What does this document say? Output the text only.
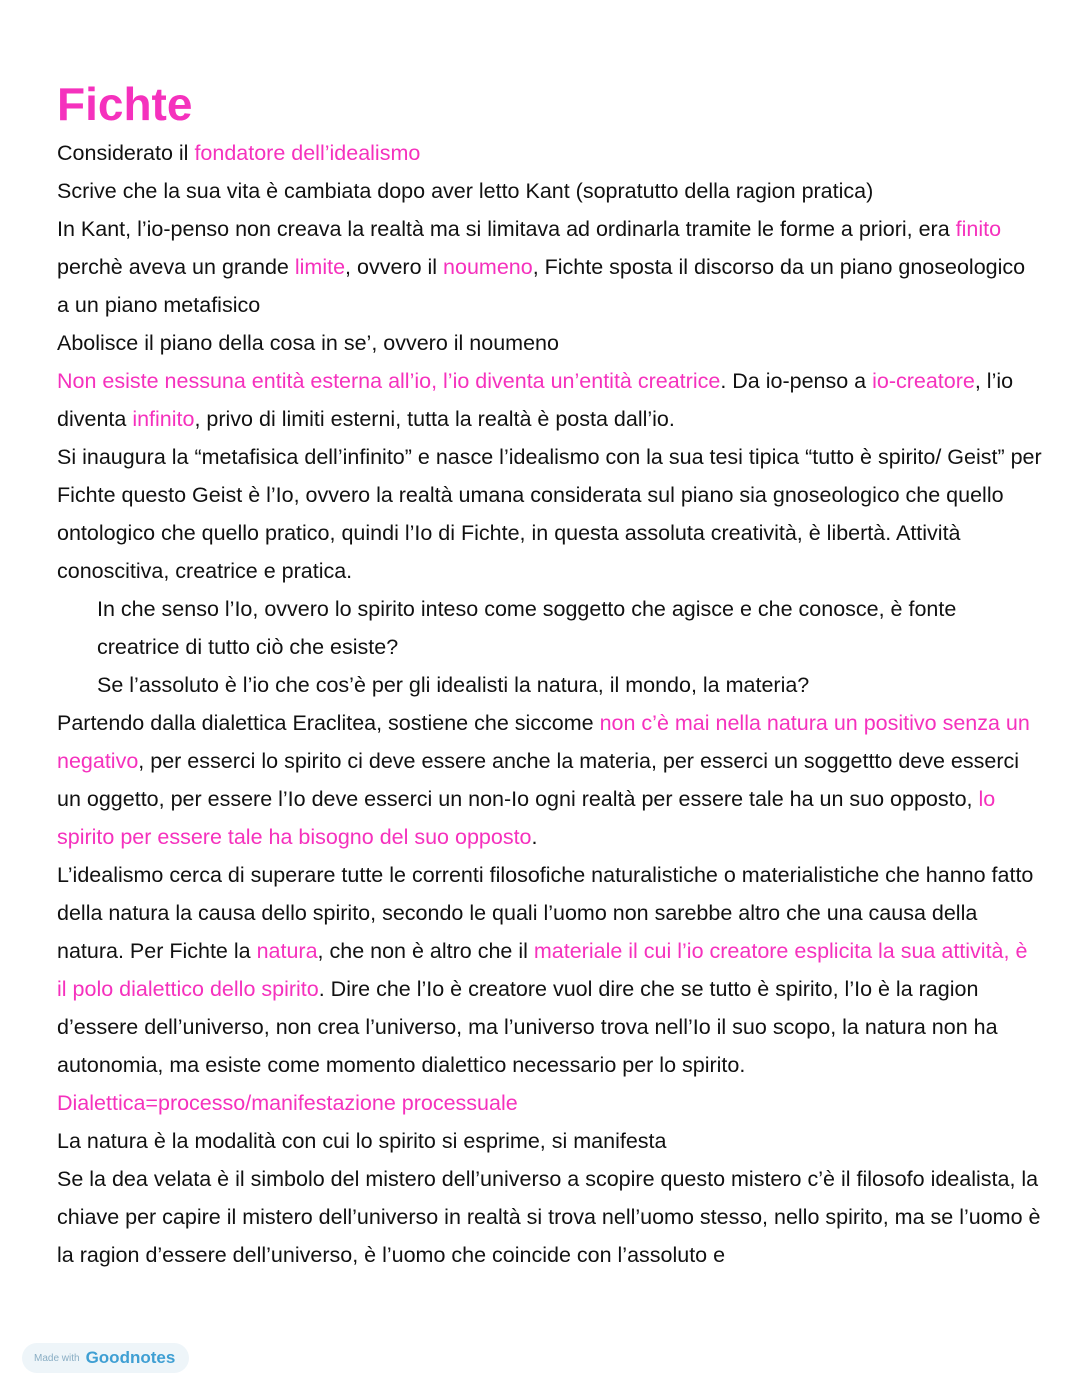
Fichte

Considerato il fondatore dell’idealismo

Scrive che la sua vita è cambiata dopo aver letto Kant (sopratutto della ragion pratica)

In Kant, l’io-penso non creava la realtà ma si limitava ad ordinarla tramite le forme a priori, era finito perchè aveva un grande limite, ovvero il noumeno, Fichte sposta il discorso da un piano gnoseologico a un piano metafisico

Abolisce il piano della cosa in se’, ovvero il noumeno

Non esiste nessuna entità esterna all’io, l’io diventa un’entità creatrice. Da io-penso a io-creatore, l’io diventa infinito, privo di limiti esterni, tutta la realtà è posta dall’io.

Si inaugura la “metafisica dell’infinito” e nasce l’idealismo con la sua tesi tipica “tutto è spirito/ Geist” per Fichte questo Geist è l’Io, ovvero la realtà umana considerata sul piano sia gnoseologico che quello ontologico che quello pratico, quindi l’Io di Fichte, in questa assoluta creatività, è libertà. Attività conoscitiva, creatrice e pratica.

In che senso l’Io, ovvero lo spirito inteso come soggetto che agisce e che conosce, è fonte creatrice di tutto ciò che esiste?

Se l’assoluto è l’io che cos’è per gli idealisti la natura, il mondo, la materia?

Partendo dalla dialettica Eraclitea, sostiene che siccome non c’è mai nella natura un positivo senza un negativo, per esserci lo spirito ci deve essere anche la materia, per esserci un soggettto deve esserci un oggetto, per essere l’Io deve esserci un non-Io ogni realtà per essere tale ha un suo opposto, lo spirito per essere tale ha bisogno del suo opposto.

L’idealismo cerca di superare tutte le correnti filosofiche naturalistiche o materialistiche che hanno fatto della natura la causa dello spirito, secondo le quali l’uomo non sarebbe altro che una causa della natura. Per Fichte la natura, che non è altro che il materiale il cui l’io creatore esplicita la sua attività, è il polo dialettico dello spirito. Dire che l’Io è creatore vuol dire che se tutto è spirito, l’Io è la ragion d’essere dell’universo, non crea l’universo, ma l’universo trova nell’Io il suo scopo, la natura non ha autonomia, ma esiste come momento dialettico necessario per lo spirito.

Dialettica=processo/manifestazione processuale

La natura è la modalità con cui lo spirito si esprime, si manifesta

Se la dea velata è il simbolo del mistero dell’universo a scopire questo mistero c’è il filosofo idealista, la chiave per capire il mistero dell’universo in realtà si trova nell’uomo stesso, nello spirito, ma se l’uomo è la ragion d’essere dell’universo, è l’uomo che coincide con l’assoluto e

Made with Goodnotes
